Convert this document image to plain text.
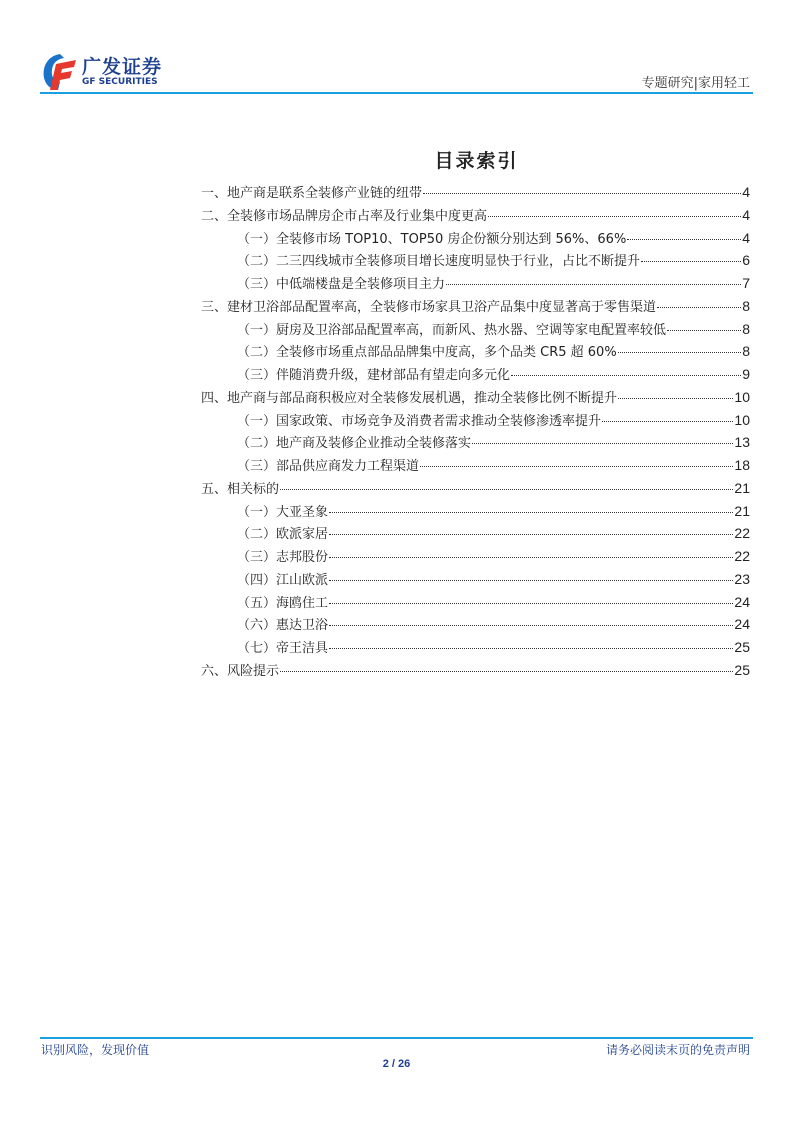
广发证券
GF SECURITIES	专题研究|家用轻工
目录索引
一、地产商是联系全装修产业链的纽带	4
二、全装修市场品牌房企市占率及行业集中度更高	4
（一）全装修市场 TOP10、TOP50 房企份额分别达到 56%、66%	4
（二）二三四线城市全装修项目增长速度明显快于行业，占比不断提升	6
（三）中低端楼盘是全装修项目主力	7
三、建材卫浴部品配置率高，全装修市场家具卫浴产品集中度显著高于零售渠道	8
（一）厨房及卫浴部品配置率高，而新风、热水器、空调等家电配置率较低	8
（二）全装修市场重点部品品牌集中度高，多个品类 CR5 超 60%	8
（三）伴随消费升级，建材部品有望走向多元化	9
四、地产商与部品商积极应对全装修发展机遇，推动全装修比例不断提升	10
（一）国家政策、市场竞争及消费者需求推动全装修渗透率提升	10
（二）地产商及装修企业推动全装修落实	13
（三）部品供应商发力工程渠道	18
五、相关标的	21
（一）大亚圣象	21
（二）欧派家居	22
（三）志邦股份	22
（四）江山欧派	23
（五）海鸥住工	24
（六）惠达卫浴	24
（七）帝王洁具	25
六、风险提示	25
识别风险，发现价值	请务必阅读末页的免责声明
2 / 26
